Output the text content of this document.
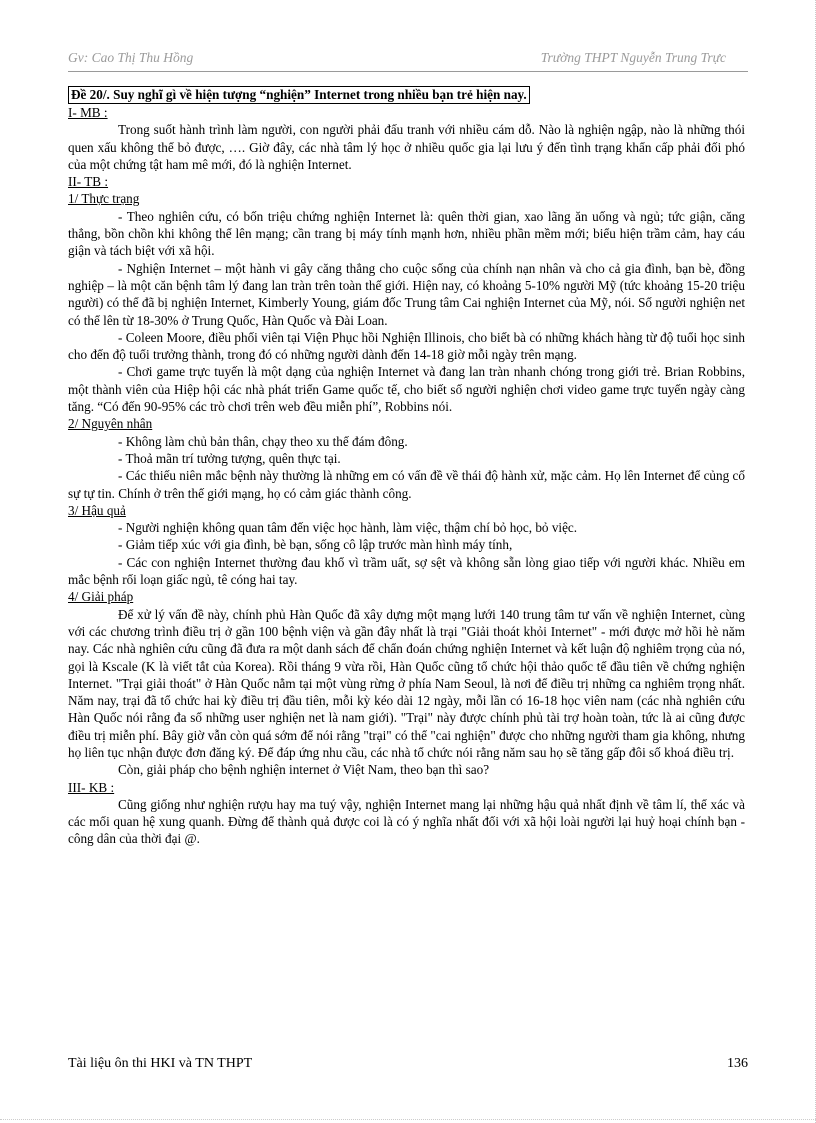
Gv: Cao Thị Thu Hồng	Trường THPT Nguyễn Trung Trực
Đề 20/. Suy nghĩ gì về hiện tượng “nghiện” Internet trong nhiều bạn trẻ hiện nay.

I- MB :

Trong suốt hành trình làm người, con người phải đấu tranh với nhiều cám dỗ. Nào là nghiện ngập, nào là những thói quen xấu không thể bỏ được, …. Giờ đây, các nhà tâm lý học ở nhiều quốc gia lại lưu ý đến tình trạng khẩn cấp phải đối phó của một chứng tật ham mê mới, đó là nghiện Internet.

II- TB :

1/ Thực trạng

- Theo nghiên cứu, có bốn triệu chứng nghiện Internet là: quên thời gian, xao lãng ăn uống và ngủ; tức giận, căng thẳng, bồn chồn khi không thể lên mạng; cần trang bị máy tính mạnh hơn, nhiều phần mềm mới; biểu hiện trầm cảm, hay cáu giận và tách biệt với xã hội.

- Nghiện Internet – một hành vi gây căng thẳng cho cuộc sống của chính nạn nhân và cho cả gia đình, bạn bè, đồng nghiệp – là một căn bệnh tâm lý đang lan tràn trên toàn thế giới. Hiện nay, có khoảng 5-10% người Mỹ (tức khoảng 15-20 triệu người) có thể đã bị nghiện Internet, Kimberly Young, giám đốc Trung tâm Cai nghiện Internet của Mỹ, nói. Số người nghiện net có thể lên từ 18-30% ở Trung Quốc, Hàn Quốc và Đài Loan.

- Coleen Moore, điều phối viên tại Viện Phục hồi Nghiện Illinois, cho biết bà có những khách hàng từ độ tuổi học sinh cho đến độ tuổi trưởng thành, trong đó có những người dành đến 14-18 giờ mỗi ngày trên mạng.

- Chơi game trực tuyến là một dạng của nghiện Internet và đang lan tràn nhanh chóng trong giới trẻ. Brian Robbins, một thành viên của Hiệp hội các nhà phát triển Game quốc tế, cho biết số người nghiện chơi video game trực tuyến ngày càng tăng. “Có đến 90-95% các trò chơi trên web đều miễn phí”, Robbins nói.

2/ Nguyên nhân

- Không làm chủ bản thân, chạy theo xu thế đám đông.

- Thoả mãn trí tưởng tượng, quên thực tại.

- Các thiếu niên mắc bệnh này thường là những em có vấn đề về thái độ hành xử, mặc cảm. Họ lên Internet để củng cố sự tự tin. Chính ở trên thế giới mạng, họ có cảm giác thành công.

3/ Hậu quả

- Người nghiện không quan tâm đến việc học hành, làm việc, thậm chí bỏ học, bỏ việc.

- Giảm tiếp xúc với gia đình, bè bạn, sống cô lập trước màn hình máy tính,

- Các con nghiện Internet thường đau khổ vì trầm uất, sợ sệt và không sẵn lòng giao tiếp với người khác. Nhiều em mắc bệnh rối loạn giấc ngủ, tê cóng hai tay.

4/ Giải pháp

Để xử lý vấn đề này, chính phủ Hàn Quốc đã xây dựng một mạng lưới 140 trung tâm tư vấn về nghiện Internet, cùng với các chương trình điều trị ở gần 100 bệnh viện và gần đây nhất là trại "Giải thoát khỏi Internet" - mới được mở hồi hè năm nay. Các nhà nghiên cứu cũng đã đưa ra một danh sách để chẩn đoán chứng nghiện Internet và kết luận độ nghiêm trọng của nó, gọi là Kscale (K là viết tắt của Korea). Rồi tháng 9 vừa rồi, Hàn Quốc cũng tổ chức hội thảo quốc tế đầu tiên về chứng nghiện Internet. "Trại giải thoát" ở Hàn Quốc nằm tại một vùng rừng ở phía Nam Seoul, là nơi để điều trị những ca nghiêm trọng nhất. Năm nay, trại đã tổ chức hai kỳ điều trị đầu tiên, mỗi kỳ kéo dài 12 ngày, mỗi lần có 16-18 học viên nam (các nhà nghiên cứu Hàn Quốc nói rằng đa số những user nghiện net là nam giới). "Trại" này được chính phủ tài trợ hoàn toàn, tức là ai cũng được điều trị miễn phí. Bây giờ vẫn còn quá sớm để nói rằng "trại" có thể "cai nghiện" được cho những người tham gia không, nhưng họ liên tục nhận được đơn đăng ký. Để đáp ứng nhu cầu, các nhà tổ chức nói rằng năm sau họ sẽ tăng gấp đôi số khoá điều trị.

Còn, giải pháp cho bệnh nghiện internet ở Việt Nam, theo bạn thì sao?

III- KB :

Cũng giống như nghiện rượu hay ma tuý vậy, nghiện Internet mang lại những hậu quả nhất định về tâm lí, thể xác và các mối quan hệ xung quanh. Đừng để thành quả được coi là có ý nghĩa nhất đối với xã hội loài người lại huỷ hoại chính bạn - công dân của thời đại @.

Tài liệu ôn thi HKI và TN THPT	136
